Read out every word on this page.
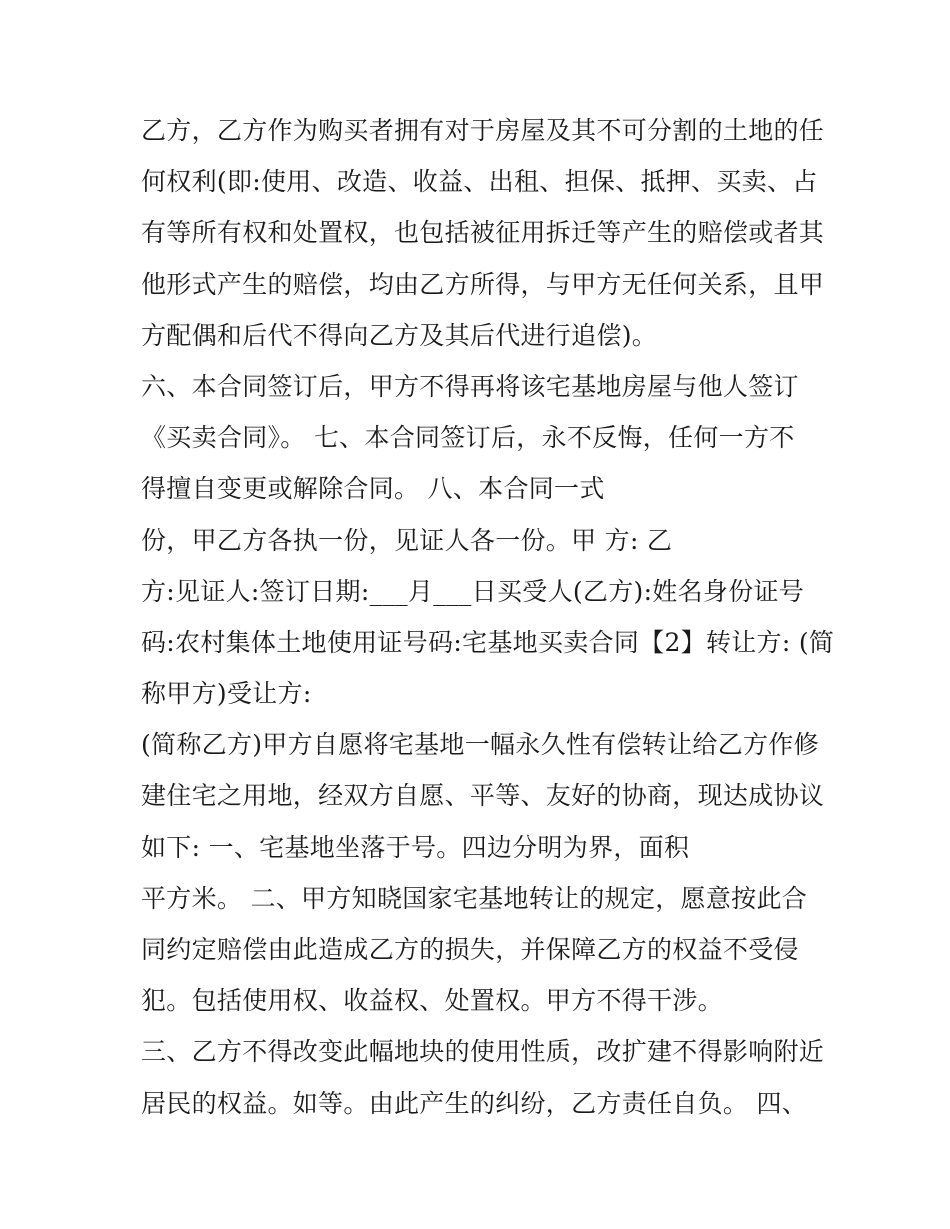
乙方，乙方作为购买者拥有对于房屋及其不可分割的土地的任
何权利(即:使用、改造、收益、出租、担保、抵押、买卖、占
有等所有权和处置权，也包括被征用拆迁等产生的赔偿或者其
他形式产生的赔偿，均由乙方所得，与甲方无任何关系，且甲
方配偶和后代不得向乙方及其后代进行追偿)。
六、本合同签订后，甲方不得再将该宅基地房屋与他人签订
《买卖合同》。 七、本合同签订后，永不反悔，任何一方不
得擅自变更或解除合同。 八、本合同一式
份，甲乙方各执一份，见证人各一份。甲 方: 乙
方:见证人:签订日期:___月___日买受人(乙方):姓名身份证号
码:农村集体土地使用证号码:宅基地买卖合同【2】转让方: (简
称甲方)受让方:
(简称乙方)甲方自愿将宅基地一幅永久性有偿转让给乙方作修
建住宅之用地，经双方自愿、平等、友好的协商，现达成协议
如下: 一、宅基地坐落于号。四边分明为界，面积
平方米。 二、甲方知晓国家宅基地转让的规定，愿意按此合
同约定赔偿由此造成乙方的损失，并保障乙方的权益不受侵
犯。包括使用权、收益权、处置权。甲方不得干涉。
三、乙方不得改变此幅地块的使用性质，改扩建不得影响附近
居民的权益。如等。由此产生的纠纷，乙方责任自负。 四、
